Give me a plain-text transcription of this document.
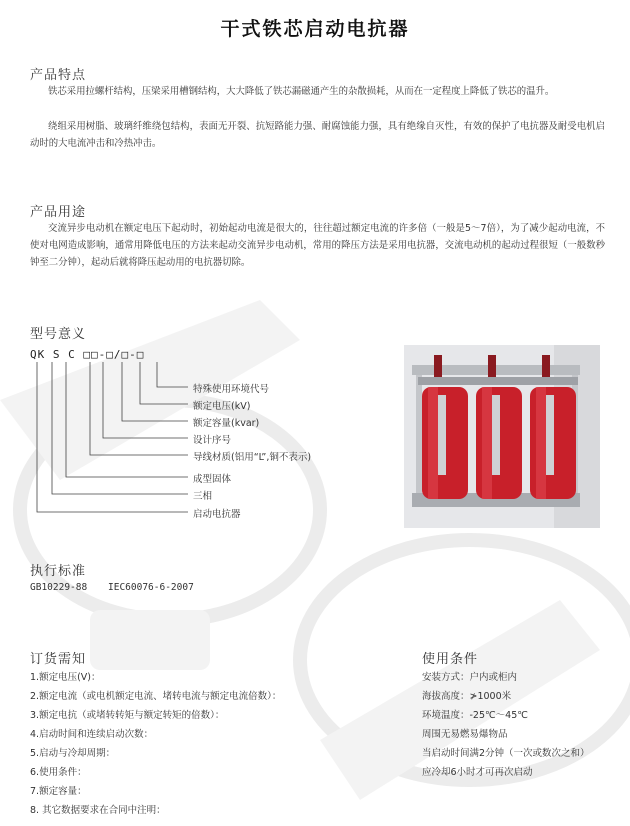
干式铁芯启动电抗器
产品特点
铁芯采用拉螺杆结构，压梁采用槽钢结构，大大降低了铁芯漏磁通产生的杂散损耗，从而在一定程度上降低了铁芯的温升。
绕组采用树脂、玻璃纤维绕包结构，表面无开裂、抗短路能力强、耐腐蚀能力强，具有绝缘自灭性，有效的保护了电抗器及耐受电机启动时的大电流冲击和冷热冲击。
产品用途
交流异步电动机在额定电压下起动时，初始起动电流是很大的，往往超过额定电流的许多倍（一般是5～7倍），为了减少起动电流，不使对电网造成影响，通常用降低电压的方法来起动交流异步电动机，常用的降压方法是采用电抗器，交流电动机的起动过程很短（一般数秒钟至二分钟），起动后就将降压起动用的电抗器切除。
型号意义
QK S C □□-□/□-□
特殊使用环境代号
额定电压(kV)
额定容量(kvar)
设计序号
导线材质(铝用“L”,铜不表示)
成型固体
三相
启动电抗器
执行标准
GB10229-88 IEC60076-6-2007
订货需知
1.额定电压(V)：
2.额定电流（或电机额定电流、堵转电流与额定电流倍数）：
3.额定电抗（或堵转转矩与额定转矩的倍数）：
4.启动时间和连续启动次数：
5.启动与冷却周期：
6.使用条件：
7.额定容量：
8. 其它数据要求在合同中注明：
使用条件
安装方式：户内或柜内
海拔高度：≯1000米
环境温度：-25℃～45℃
周围无易燃易爆物品
当启动时间满2分钟（一次或数次之和）
应冷却6小时才可再次启动
